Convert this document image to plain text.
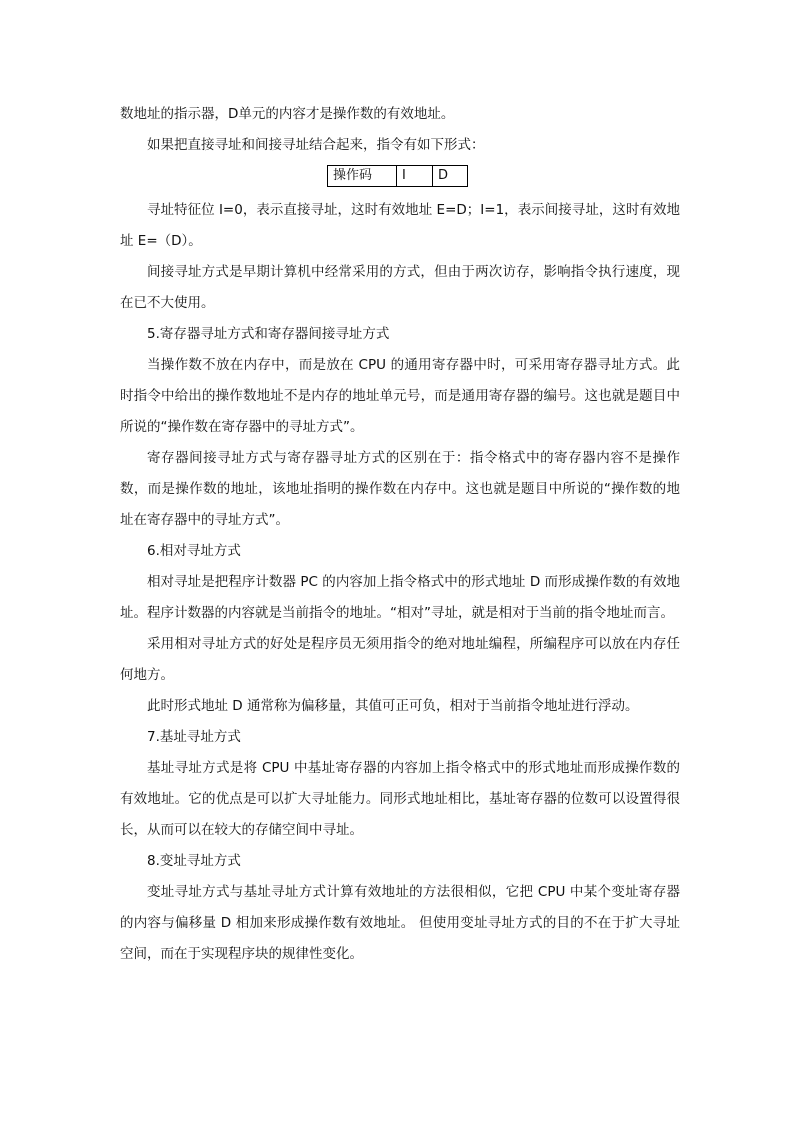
数地址的指示器，D单元的内容才是操作数的有效地址。

如果把直接寻址和间接寻址结合起来，指令有如下形式：

操作码	I	D

寻址特征位 I=0，表示直接寻址，这时有效地址 E=D；I=1，表示间接寻址，这时有效地址 E=（D）。

间接寻址方式是早期计算机中经常采用的方式，但由于两次访存，影响指令执行速度，现在已不大使用。

5.寄存器寻址方式和寄存器间接寻址方式

当操作数不放在内存中，而是放在 CPU 的通用寄存器中时，可采用寄存器寻址方式。此时指令中给出的操作数地址不是内存的地址单元号，而是通用寄存器的编号。这也就是题目中所说的“操作数在寄存器中的寻址方式”。

寄存器间接寻址方式与寄存器寻址方式的区别在于：指令格式中的寄存器内容不是操作数，而是操作数的地址，该地址指明的操作数在内存中。这也就是题目中所说的“操作数的地址在寄存器中的寻址方式”。

6.相对寻址方式

相对寻址是把程序计数器 PC 的内容加上指令格式中的形式地址 D 而形成操作数的有效地址。程序计数器的内容就是当前指令的地址。“相对”寻址，就是相对于当前的指令地址而言。

采用相对寻址方式的好处是程序员无须用指令的绝对地址编程，所编程序可以放在内存任何地方。

此时形式地址 D 通常称为偏移量，其值可正可负，相对于当前指令地址进行浮动。

7.基址寻址方式

基址寻址方式是将 CPU 中基址寄存器的内容加上指令格式中的形式地址而形成操作数的有效地址。它的优点是可以扩大寻址能力。同形式地址相比，基址寄存器的位数可以设置得很长，从而可以在较大的存储空间中寻址。

8.变址寻址方式

变址寻址方式与基址寻址方式计算有效地址的方法很相似，它把 CPU 中某个变址寄存器的内容与偏移量 D 相加来形成操作数有效地址。 但使用变址寻址方式的目的不在于扩大寻址空间，而在于实现程序块的规律性变化。
